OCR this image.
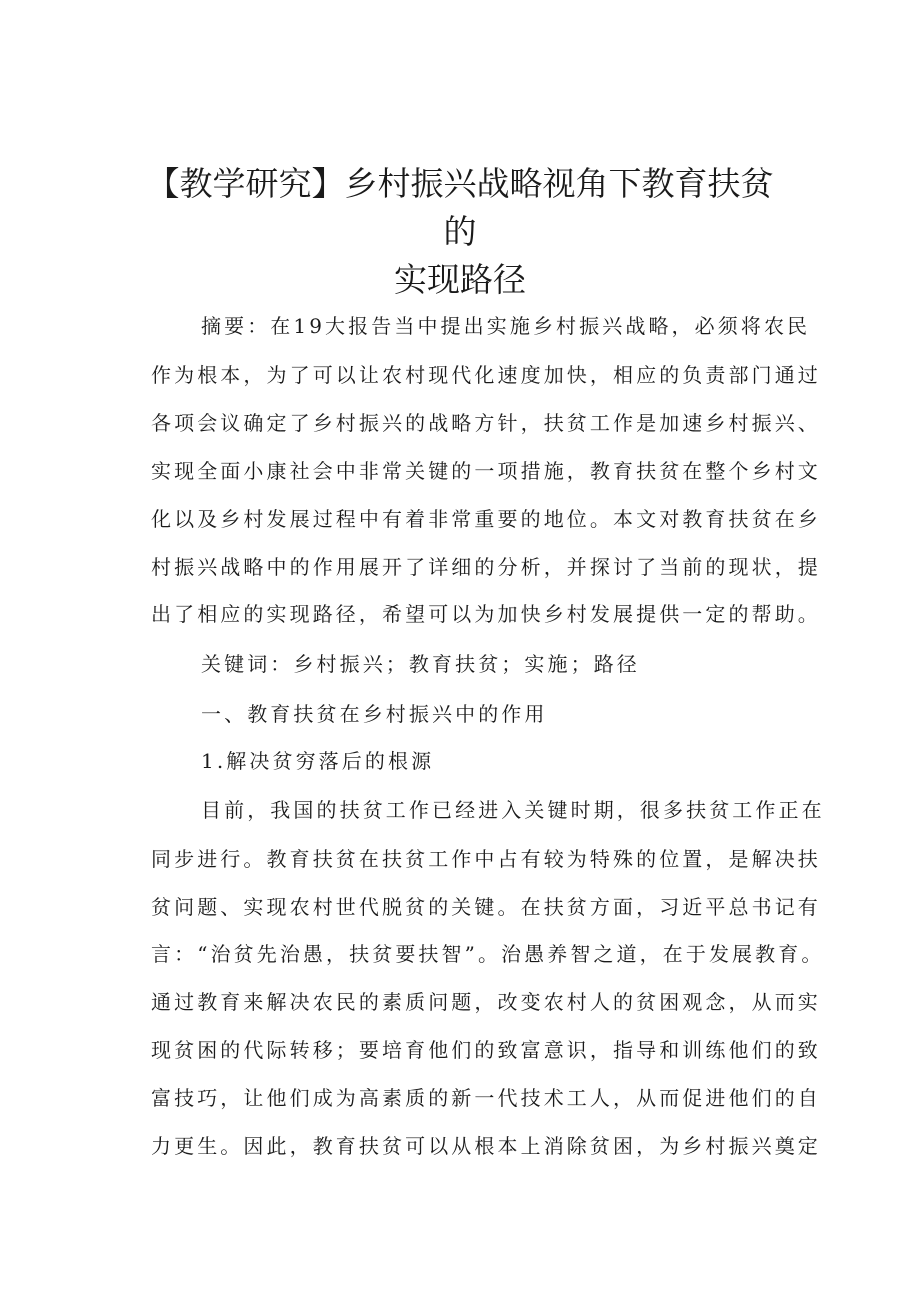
【教学研究】乡村振兴战略视角下教育扶贫的
实现路径

摘要：在19大报告当中提出实施乡村振兴战略，必须将农民

作为根本，为了可以让农村现代化速度加快，相应的负责部门通过

各项会议确定了乡村振兴的战略方针，扶贫工作是加速乡村振兴、

实现全面小康社会中非常关键的一项措施，教育扶贫在整个乡村文

化以及乡村发展过程中有着非常重要的地位。本文对教育扶贫在乡

村振兴战略中的作用展开了详细的分析，并探讨了当前的现状，提

出了相应的实现路径，希望可以为加快乡村发展提供一定的帮助。

关键词：乡村振兴；教育扶贫；实施；路径

一、教育扶贫在乡村振兴中的作用

1.解决贫穷落后的根源

目前，我国的扶贫工作已经进入关键时期，很多扶贫工作正在

同步进行。教育扶贫在扶贫工作中占有较为特殊的位置，是解决扶

贫问题、实现农村世代脱贫的关键。在扶贫方面，习近平总书记有

言：“治贫先治愚，扶贫要扶智”。治愚养智之道，在于发展教育。

通过教育来解决农民的素质问题，改变农村人的贫困观念，从而实

现贫困的代际转移；要培育他们的致富意识，指导和训练他们的致

富技巧，让他们成为高素质的新一代技术工人，从而促进他们的自

力更生。因此，教育扶贫可以从根本上消除贫困，为乡村振兴奠定
